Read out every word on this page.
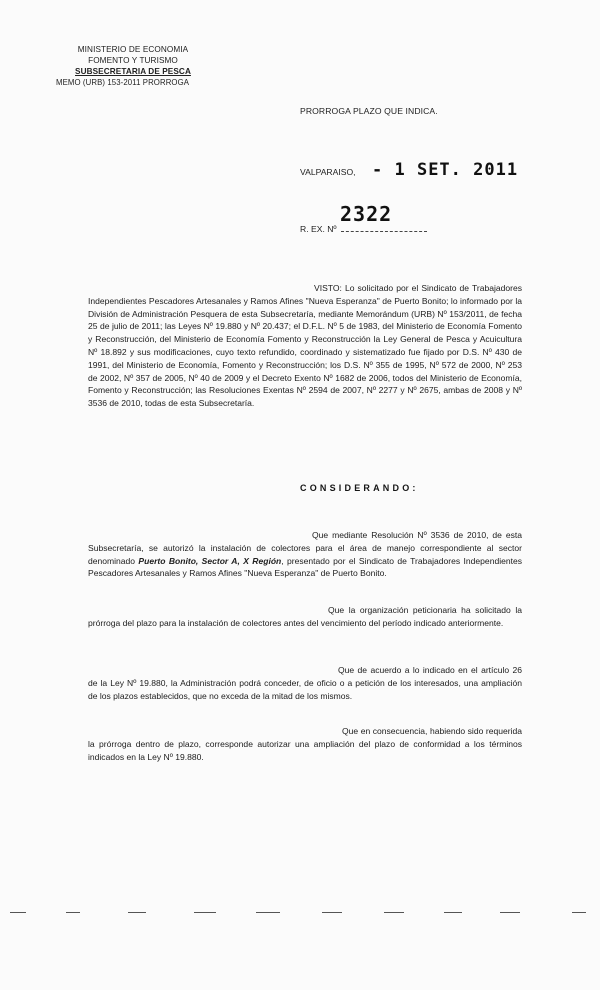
MINISTERIO DE ECONOMIA
FOMENTO Y TURISMO
SUBSECRETARIA DE PESCA
MEMO (URB) 153-2011 PRORROGA
PRORROGA PLAZO QUE INDICA.
VALPARAISO, - 1 SET. 2011
2322
R. EX. Nº
VISTO: Lo solicitado por el Sindicato de Trabajadores Independientes Pescadores Artesanales y Ramos Afines "Nueva Esperanza" de Puerto Bonito; lo informado por la División de Administración Pesquera de esta Subsecretaría, mediante Memorándum (URB) Nº 153/2011, de fecha 25 de julio de 2011; las Leyes Nº 19.880 y Nº 20.437; el D.F.L. Nº 5 de 1983, del Ministerio de Economía Fomento y Reconstrucción, del Ministerio de Economía Fomento y Reconstrucción la Ley General de Pesca y Acuicultura Nº 18.892 y sus modificaciones, cuyo texto refundido, coordinado y sistematizado fue fijado por D.S. Nº 430 de 1991, del Ministerio de Economía, Fomento y Reconstrucción; los D.S. Nº 355 de 1995, Nº 572 de 2000, Nº 253 de 2002, Nº 357 de 2005, Nº 40 de 2009 y el Decreto Exento Nº 1682 de 2006, todos del Ministerio de Economía, Fomento y Reconstrucción; las Resoluciones Exentas Nº 2594 de 2007, Nº 2277 y Nº 2675, ambas de 2008 y Nº 3536 de 2010, todas de esta Subsecretaría.
CONSIDERANDO:
Que mediante Resolución Nº 3536 de 2010, de esta Subsecretaría, se autorizó la instalación de colectores para el área de manejo correspondiente al sector denominado Puerto Bonito, Sector A, X Región, presentado por el Sindicato de Trabajadores Independientes Pescadores Artesanales y Ramos Afines "Nueva Esperanza" de Puerto Bonito.
Que la organización peticionaria ha solicitado la prórroga del plazo para la instalación de colectores antes del vencimiento del período indicado anteriormente.
Que de acuerdo a lo indicado en el artículo 26 de la Ley Nº 19.880, la Administración podrá conceder, de oficio o a petición de los interesados, una ampliación de los plazos establecidos, que no exceda de la mitad de los mismos.
Que en consecuencia, habiendo sido requerida la prórroga dentro de plazo, corresponde autorizar una ampliación del plazo de conformidad a los términos indicados en la Ley Nº 19.880.
